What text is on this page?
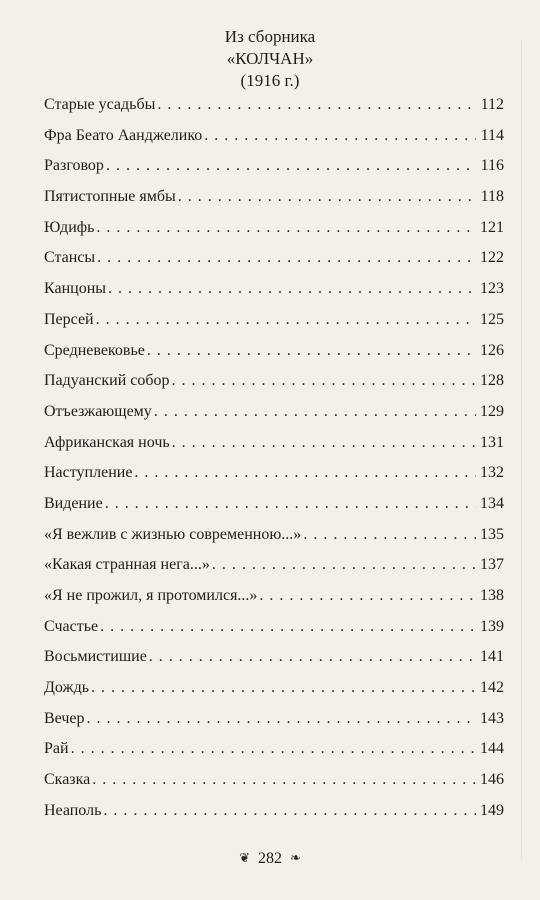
Из сборника
«КОЛЧАН»
(1916 г.)
Старые усадьбы . . .	112
Фра Беато Аанджелико . . .	114
Разговор . . .	116
Пятистопные ямбы . . .	118
Юдифь . . .	121
Стансы . . .	122
Канцоны . . .	123
Персей . . .	125
Средневековье . . .	126
Падуанский собор . . .	128
Отъезжающему . . .	129
Африканская ночь . . .	131
Наступление . . .	132
Видение . . .	134
«Я вежлив с жизнью современною...» . . .	135
«Какая странная нега...» . . .	137
«Я не прожил, я протомился...» . . .	138
Счастье . . .	139
Восьмистишие . . .	141
Дождь . . .	142
Вечер . . .	143
Рай . . .	144
Сказка . . .	146
Неаполь . . .	149
❦ 282 ❧
